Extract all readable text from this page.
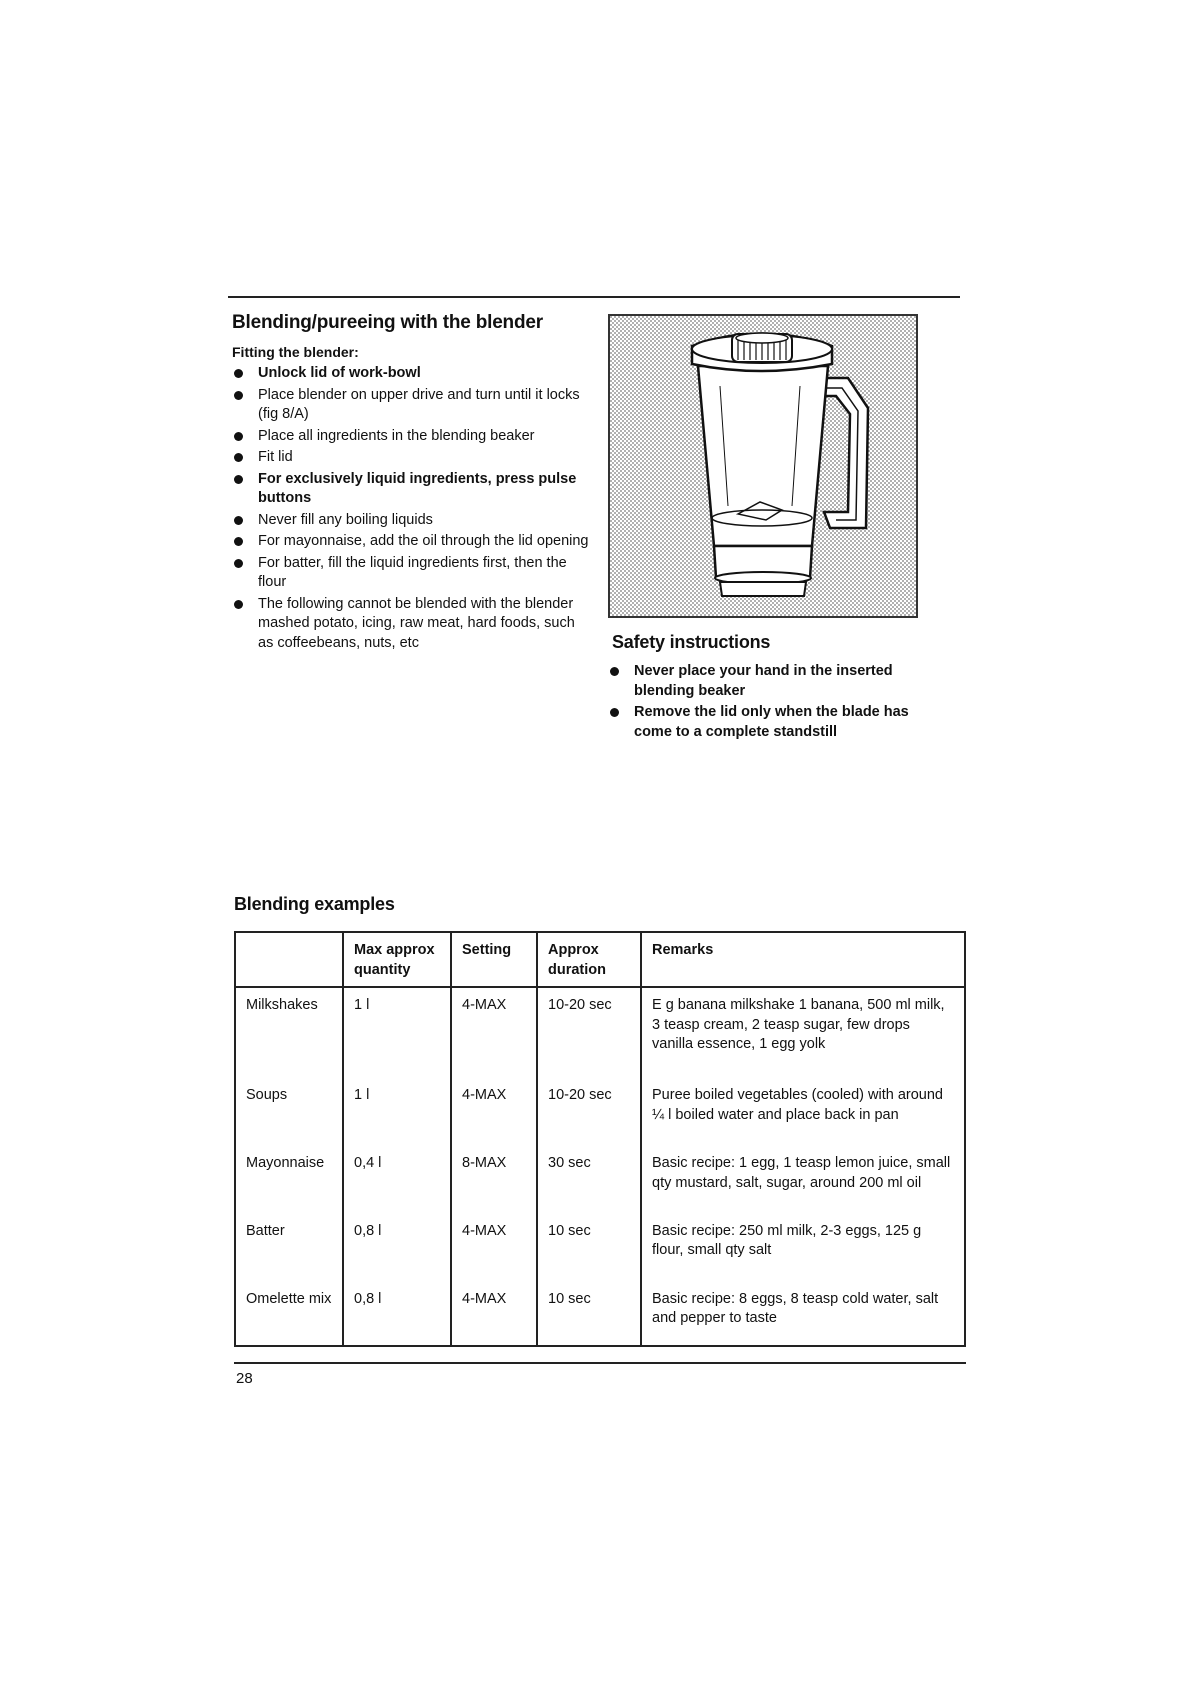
Blending/pureeing with the blender
Fitting the blender:
Unlock lid of work-bowl
Place blender on upper drive and turn until it locks (fig 8/A)
Place all ingredients in the blending beaker
Fit lid
For exclusively liquid ingredients, press pulse buttons
Never fill any boiling liquids
For mayonnaise, add the oil through the lid opening
For batter, fill the liquid ingredients first, then the flour
The following cannot be blended with the blender mashed potato, icing, raw meat, hard foods, such as coffeebeans, nuts, etc	Safety instructions
Never place your hand in the inserted blending beaker
Remove the lid only when the blade has come to a complete standstill
Blending examples
	Max approx quantity	Setting	Approx duration	Remarks
Milkshakes	1 l	4-MAX	10-20 sec	E g banana milkshake 1 banana, 500 ml milk, 3 teasp cream, 2 teasp sugar, few drops vanilla essence, 1 egg yolk
Soups	1 l	4-MAX	10-20 sec	Puree boiled vegetables (cooled) with around ¼ l boiled water and place back in pan
Mayonnaise	0,4 l	8-MAX	30 sec	Basic recipe: 1 egg, 1 teasp lemon juice, small qty mustard, salt, sugar, around 200 ml oil
Batter	0,8 l	4-MAX	10 sec	Basic recipe: 250 ml milk, 2-3 eggs, 125 g flour, small qty salt
Omelette mix	0,8 l	4-MAX	10 sec	Basic recipe: 8 eggs, 8 teasp cold water, salt and pepper to taste
28
